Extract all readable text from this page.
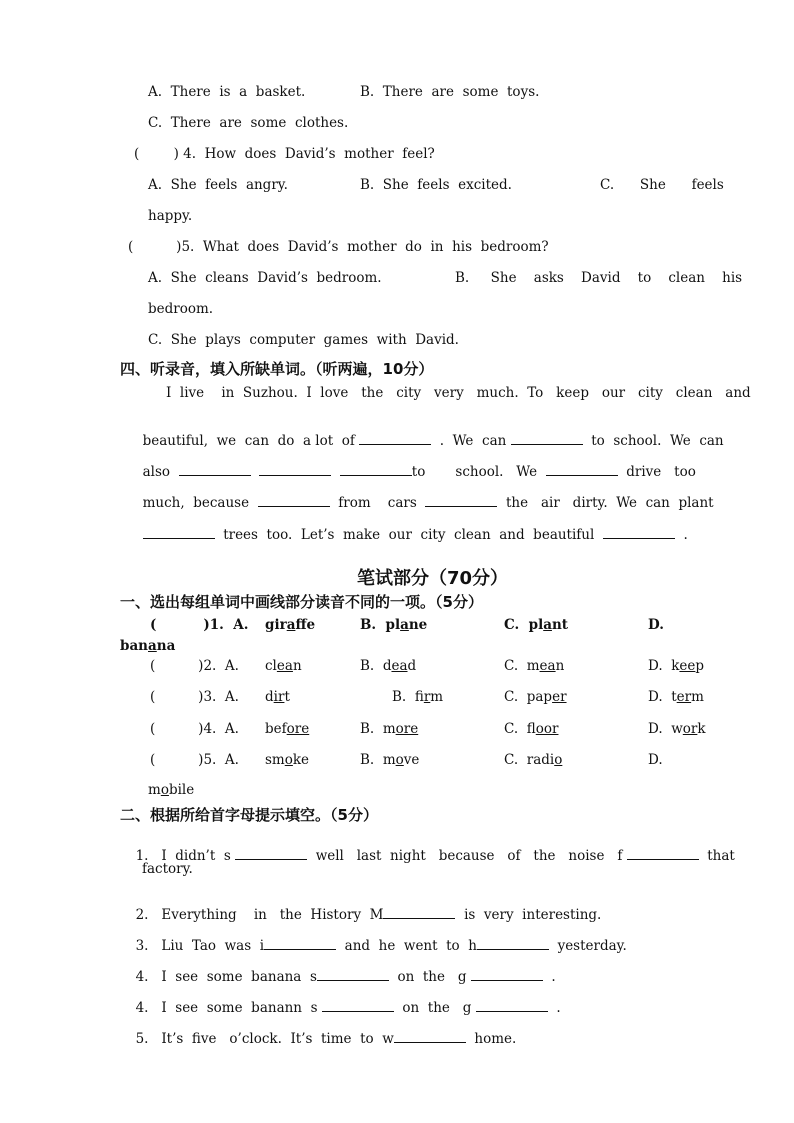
A.  There  is  a  basket.	B.  There  are  some  toys.
C.  There  are  some  clothes.
(        ) 4.  How  does  David’s  mother  feel?
A.  She  feels  angry.	B.  She  feels  excited.	C.      She      feels
happy.
(          )5.  What  does  David’s  mother  do  in  his  bedroom?
A.  She  cleans  David’s  bedroom.	B.     She    asks    David    to    clean    his
bedroom.
C.  She  plays  computer  games  with  David.
四、听录音，填入所缺单词。（听两遍，10分）
I  live    in  Suzhou.  I  love   the   city   very   much.  To   keep   our   city   clean   and

beautiful,  we  can  do  a lot  of	.  We  can	to  school.  We  can

also	to       school.   We	drive   too

much,  because	from    cars	the   air   dirty.  We  can  plant

trees  too.  Let’s  make  our  city  clean  and  beautiful	.

笔试部分（70分）
一、选出每组单词中画线部分读音不同的一项。（5分）
(          )1.  A. giraffe	B. plane	C. plant	D.
banana
(          )2.  A. clean	B. dead	C. mean	D. keep
(          )3.  A. dirt	B. firm	C. paper	D. term
(          )4.  A. before	B. more	C. floor	D. work
(          )5.  A. smoke	B. move	C. radio	D.
mobile
二、根据所给首字母提示填空。（5分）

1.   I  didn’t  s	well   last  night   because   of   the   noise   f	that

factory.

2.   Everything    in   the  History  M	is  very  interesting.

3.   Liu  Tao  was  i	and  he  went  to  h	yesterday.

4.   I  see  some  banana  s	on  the   g	.

4.   I  see  some  banann  s	on  the   g	.

5.   It’s  five   o’clock.  It’s  time  to  w	home.
